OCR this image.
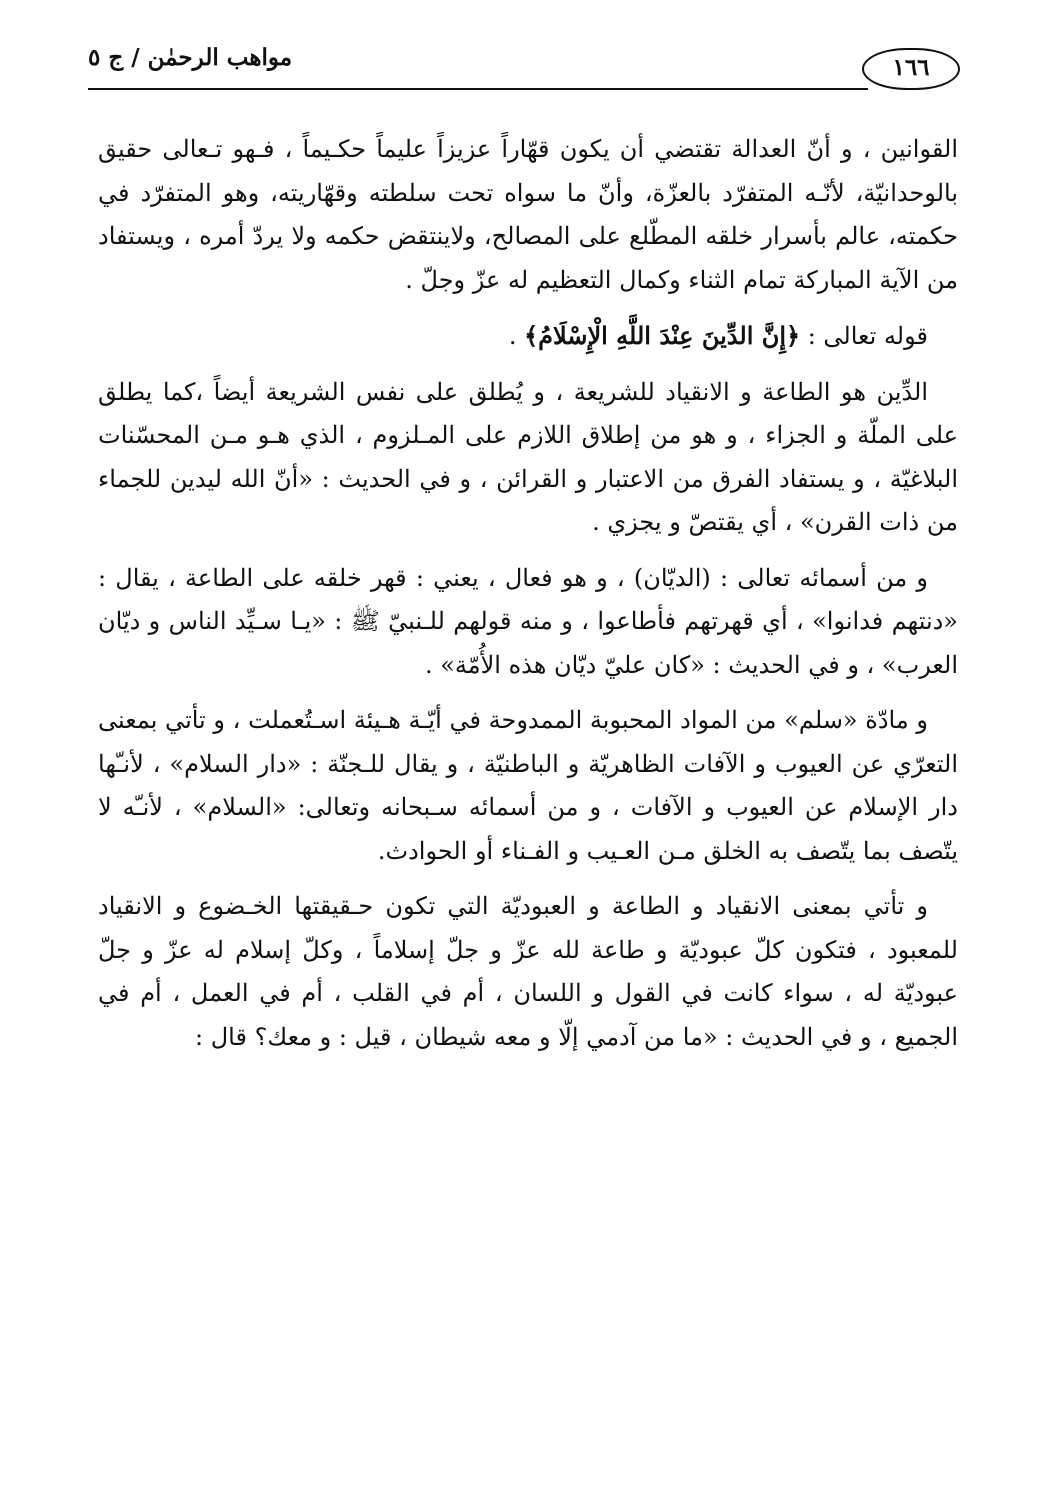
١٦٦
مواهب الرحمٰن / ج ٥

القوانين ، و أنّ العدالة تقتضي أن يكون قهّاراً عزيزاً عليماً حكـيماً ، فـهو تـعالى حقيق بالوحدانيّة، لأنّـه المتفرّد بالعزّة، وأنّ ما سواه تحت سلطته وقهّاريته، وهو المتفرّد في حكمته، عالم بأسرار خلقه المطّلع على المصالح، ولاينتقض حكمه ولا يردّ أمره ، ويستفاد من الآية المباركة تمام الثناء وكمال التعظيم له عزّ وجلّ .

قوله تعالى : ﴿إِنَّ الدِّينَ عِنْدَ اللَّهِ الْإِسْلَامُ﴾ .

الدِّين هو الطاعة و الانقياد للشريعة ، و يُطلق على نفس الشريعة أيضاً ،كما يطلق على الملّة و الجزاء ، و هو من إطلاق اللازم على المـلزوم ، الذي هـو مـن المحسّنات البلاغيّة ، و يستفاد الفرق من الاعتبار و القرائن ، و في الحديث : «أنّ الله ليدين للجماء من ذات القرن» ، أي يقتصّ و يجزي .

و من أسمائه تعالى : (الديّان) ، و هو فعال ، يعني : قهر خلقه على الطاعة ، يقال : «دنتهم فدانوا» ، أي قهرتهم فأطاعوا ، و منه قولهم للـنبيّ ﷺ : «يـا سـيِّد الناس و ديّان العرب» ، و في الحديث : «كان عليّ ديّان هذه الأُمّة» .

و مادّة «سلم» من المواد المحبوبة الممدوحة في أيّـة هـيئة اسـتُعملت ، و تأتي بمعنى التعرّي عن العيوب و الآفات الظاهريّة و الباطنيّة ، و يقال للـجنّة : «دار السلام» ، لأنـّها دار الإسلام عن العيوب و الآفات ، و من أسمائه سـبحانه وتعالى: «السلام» ، لأنـّه لا يتّصف بما يتّصف به الخلق مـن العـيب و الفـناء أو الحوادث.

و تأتي بمعنى الانقياد و الطاعة و العبوديّة التي تكون حـقيقتها الخـضوع و الانقياد للمعبود ، فتكون كلّ عبوديّة و طاعة لله عزّ و جلّ إسلاماً ، وكلّ إسلام له عزّ و جلّ عبوديّة له ، سواء كانت في القول و اللسان ، أم في القلب ، أم في العمل ، أم في الجميع ، و في الحديث : «ما من آدمي إلّا و معه شيطان ، قيل : و معك؟ قال :
